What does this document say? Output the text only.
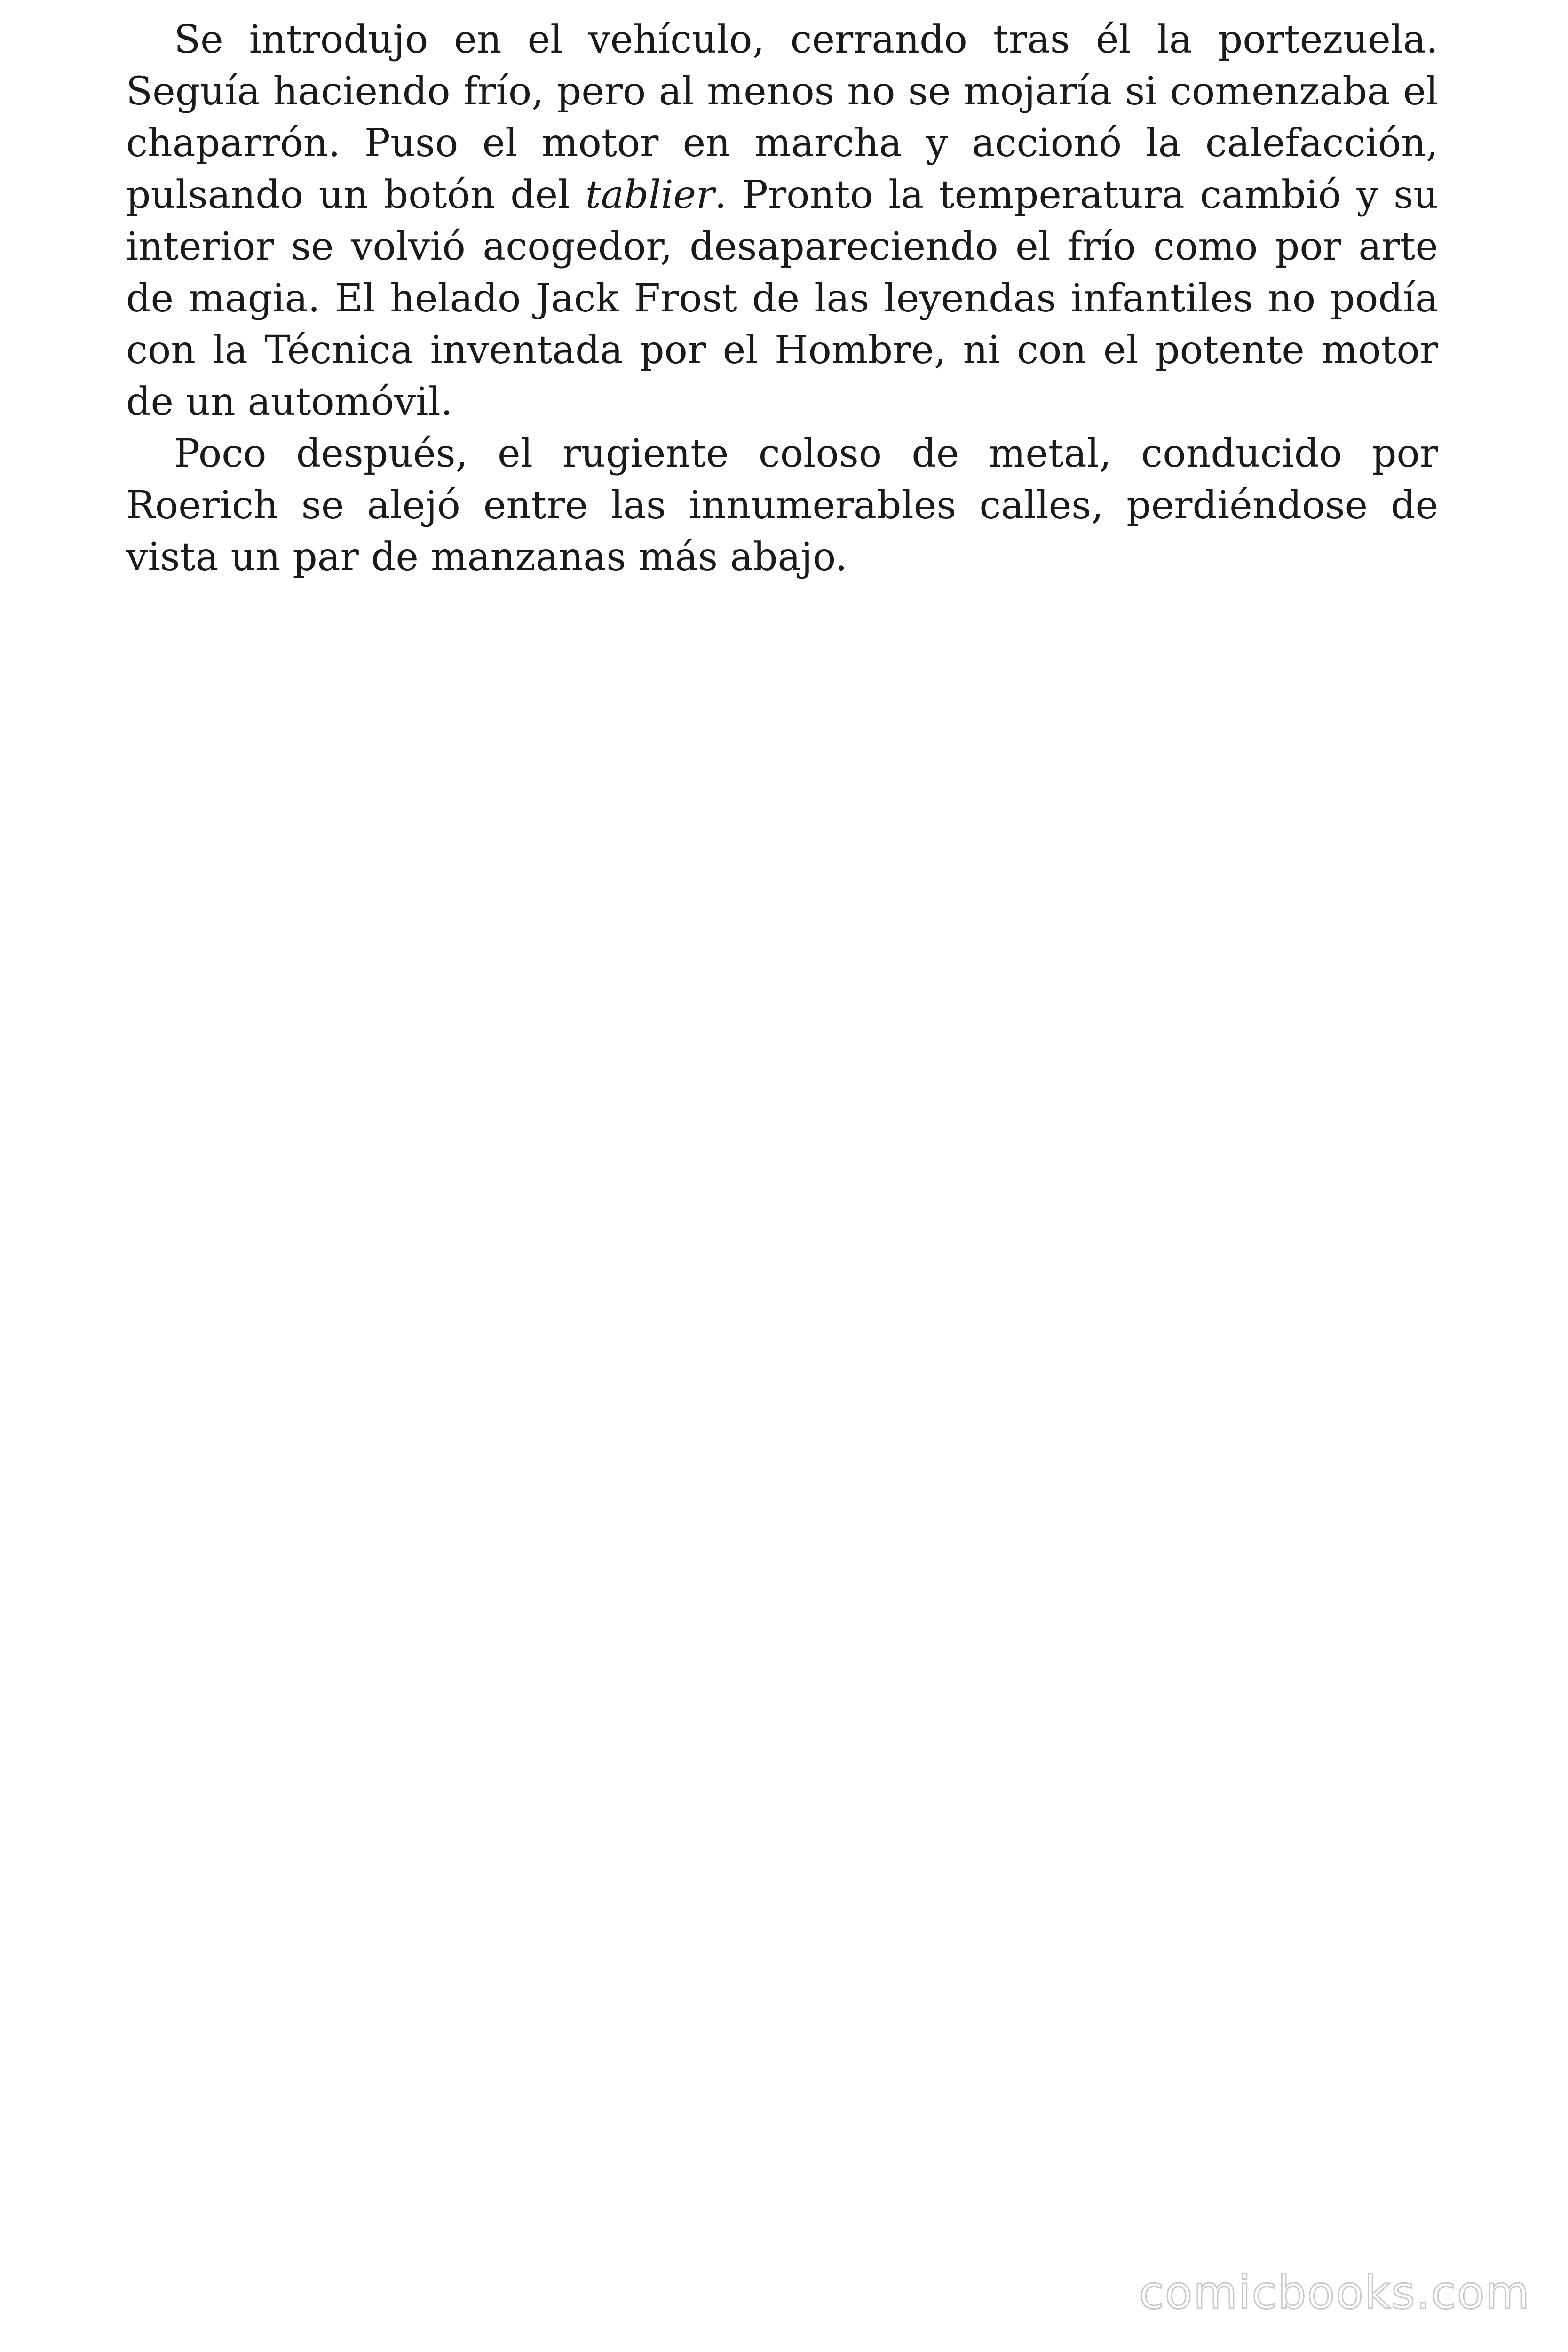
Se introdujo en el vehículo, cerrando tras él la portezuela. Seguía haciendo frío, pero al menos no se mojaría si comenzaba el chaparrón. Puso el motor en marcha y accionó la calefacción, pulsando un botón del tablier. Pronto la temperatura cambió y su interior se volvió acogedor, desapareciendo el frío como por arte de magia. El helado Jack Frost de las leyendas infantiles no podía con la Técnica inventada por el Hombre, ni con el potente motor de un automóvil.

Poco después, el rugiente coloso de metal, conducido por Roerich se alejó entre las innumerables calles, perdiéndose de vista un par de manzanas más abajo.

comicbooks.com
